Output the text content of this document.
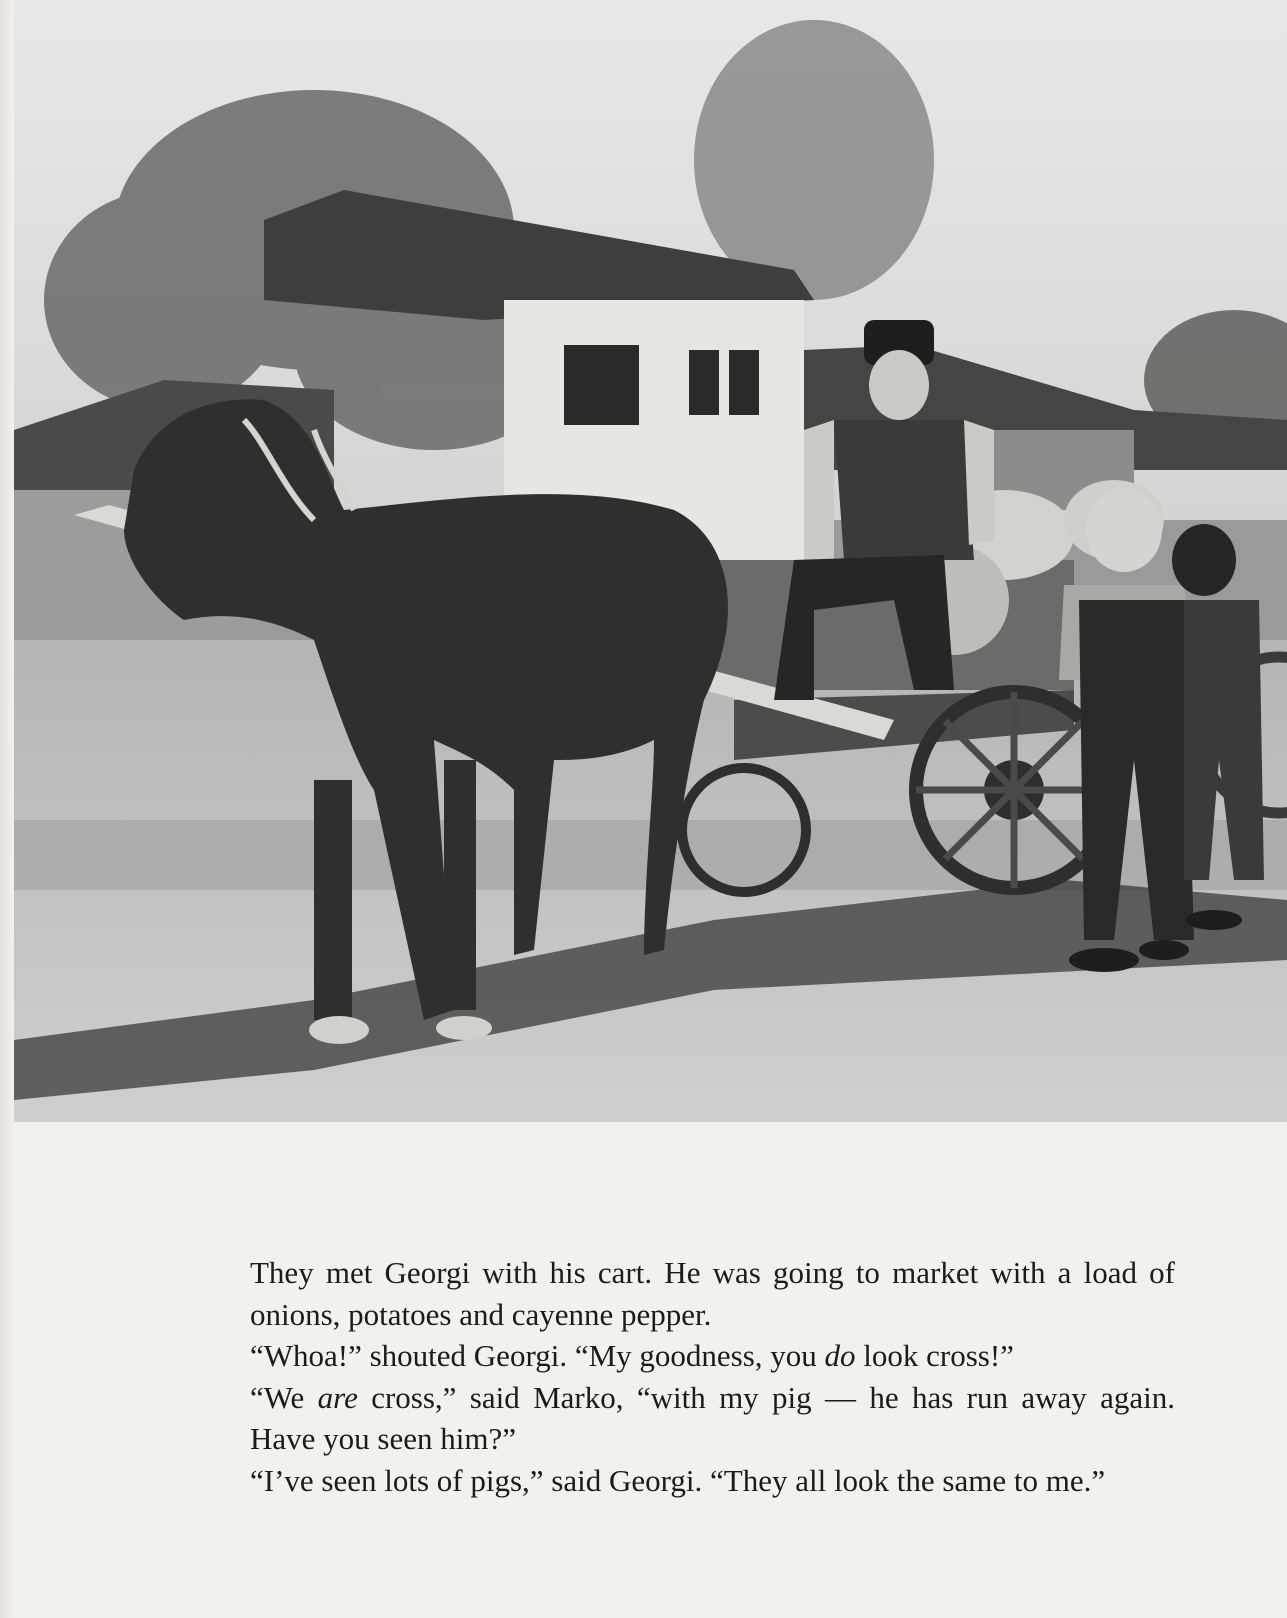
They met Georgi with his cart. He was going to market with a load of onions, potatoes and cayenne pepper.

“Whoa!” shouted Georgi. “My goodness, you do look cross!”

“We are cross,” said Marko, “with my pig — he has run away again. Have you seen him?”

“I’ve seen lots of pigs,” said Georgi. “They all look the same to me.”
